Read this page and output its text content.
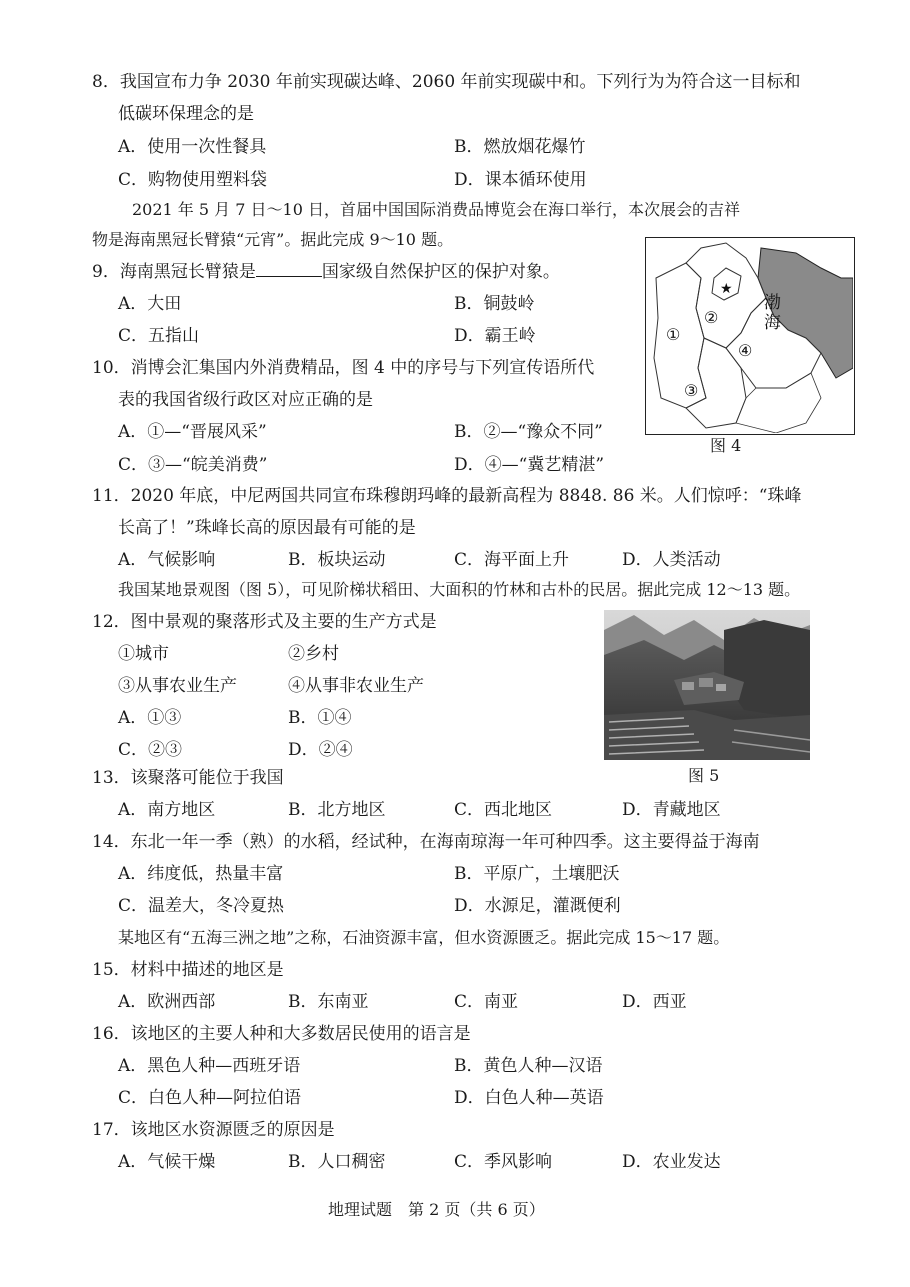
8．我国宣布力争 2030 年前实现碳达峰、2060 年前实现碳中和。下列行为为符合这一目标和
低碳环保理念的是
A．使用一次性餐具	B．燃放烟花爆竹
C．购物使用塑料袋	D．课本循环使用
2021 年 5 月 7 日～10 日，首届中国国际消费品博览会在海口举行，本次展会的吉祥
物是海南黑冠长臂猿“元宵”。据此完成 9～10 题。
9．海南黑冠长臂猿是	国家级自然保护区的保护对象。
A．大田	B．铜鼓岭
C．五指山	D．霸王岭
10．消博会汇集国内外消费精品，图 4 中的序号与下列宣传语所代
表的我国省级行政区对应正确的是
A．①—“晋展风采”	B．②—“豫众不同”
C．③—“皖美消费”	D．④—“冀艺精湛”
★
①
②
③
④
渤
海
图 4
11．2020 年底，中尼两国共同宣布珠穆朗玛峰的最新高程为 8848. 86 米。人们惊呼：“珠峰
长高了！”珠峰长高的原因最有可能的是
A．气候影响	B．板块运动	C．海平面上升	D．人类活动
我国某地景观图（图 5），可见阶梯状稻田、大面积的竹林和古朴的民居。据此完成 12～13 题。
12．图中景观的聚落形式及主要的生产方式是
①城市	②乡村
③从事农业生产	④从事非农业生产
A．①③	B．①④
C．②③	D．②④
图 5
13．该聚落可能位于我国
A．南方地区	B．北方地区	C．西北地区	D．青藏地区
14．东北一年一季（熟）的水稻，经试种，在海南琼海一年可种四季。这主要得益于海南
A．纬度低，热量丰富	B．平原广，土壤肥沃
C．温差大，冬冷夏热	D．水源足，灌溉便利
某地区有“五海三洲之地”之称，石油资源丰富，但水资源匮乏。据此完成 15～17 题。
15．材料中描述的地区是
A．欧洲西部	B．东南亚	C．南亚	D．西亚
16．该地区的主要人种和大多数居民使用的语言是
A．黑色人种—西班牙语	B．黄色人种—汉语
C．白色人种—阿拉伯语	D．白色人种—英语
17．该地区水资源匮乏的原因是
A．气候干燥	B．人口稠密	C．季风影响	D．农业发达
地理试题　第 2 页（共 6 页）
